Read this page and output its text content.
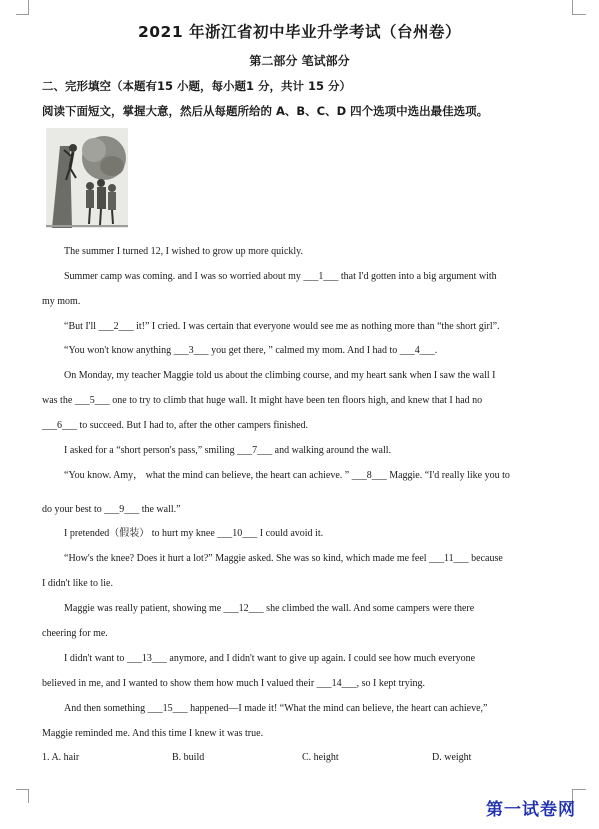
2021 年浙江省初中毕业升学考试（台州卷）
第二部分 笔试部分
二、完形填空（本题有15 小题，每小题1 分，共计 15 分）
阅读下面短文，掌握大意，然后从每题所给的 A、B、C、D 四个选项中选出最佳选项。
The summer I turned 12, I wished to grow up more quickly.
Summer camp was coming. and I was so worried about my ___1___ that I'd gotten into a big argument with
my mom.
“But I'll ___2___ it!” I cried. I was certain that everyone would see me as nothing more than “the short girl”.
“You won't know anything ___3___ you get there, ” calmed my mom. And I had to ___4___.
On Monday, my teacher Maggie told us about the climbing course, and my heart sank when I saw the wall I
was the ___5___ one to try to climb that huge wall. It might have been ten floors high, and knew that I had no
___6___ to succeed. But I had to, after the other campers finished.
I asked for a “short person's pass,” smiling ___7___ and walking around the wall.
“You know. Amy， what the mind can believe, the heart can achieve. ” ___8___ Maggie. “I'd really like you to
do your best to ___9___ the wall.”
I pretended（假装） to hurt my knee ___10___ I could avoid it.
“How's the knee? Does it hurt a lot?” Maggie asked. She was so kind, which made me feel ___11___ because
I didn't like to lie.
Maggie was really patient, showing me ___12___ she climbed the wall. And some campers were there
cheering for me.
I didn't want to ___13___ anymore, and I didn't want to give up again. I could see how much everyone
believed in me, and I wanted to show them how much I valued their ___14___, so I kept trying.
And then something ___15___ happened—I made it! “What the mind can believe, the heart can achieve,”
Maggie reminded me. And this time I knew it was true.
1. A. hair	B. build	C. height	D. weight
第一试卷网
